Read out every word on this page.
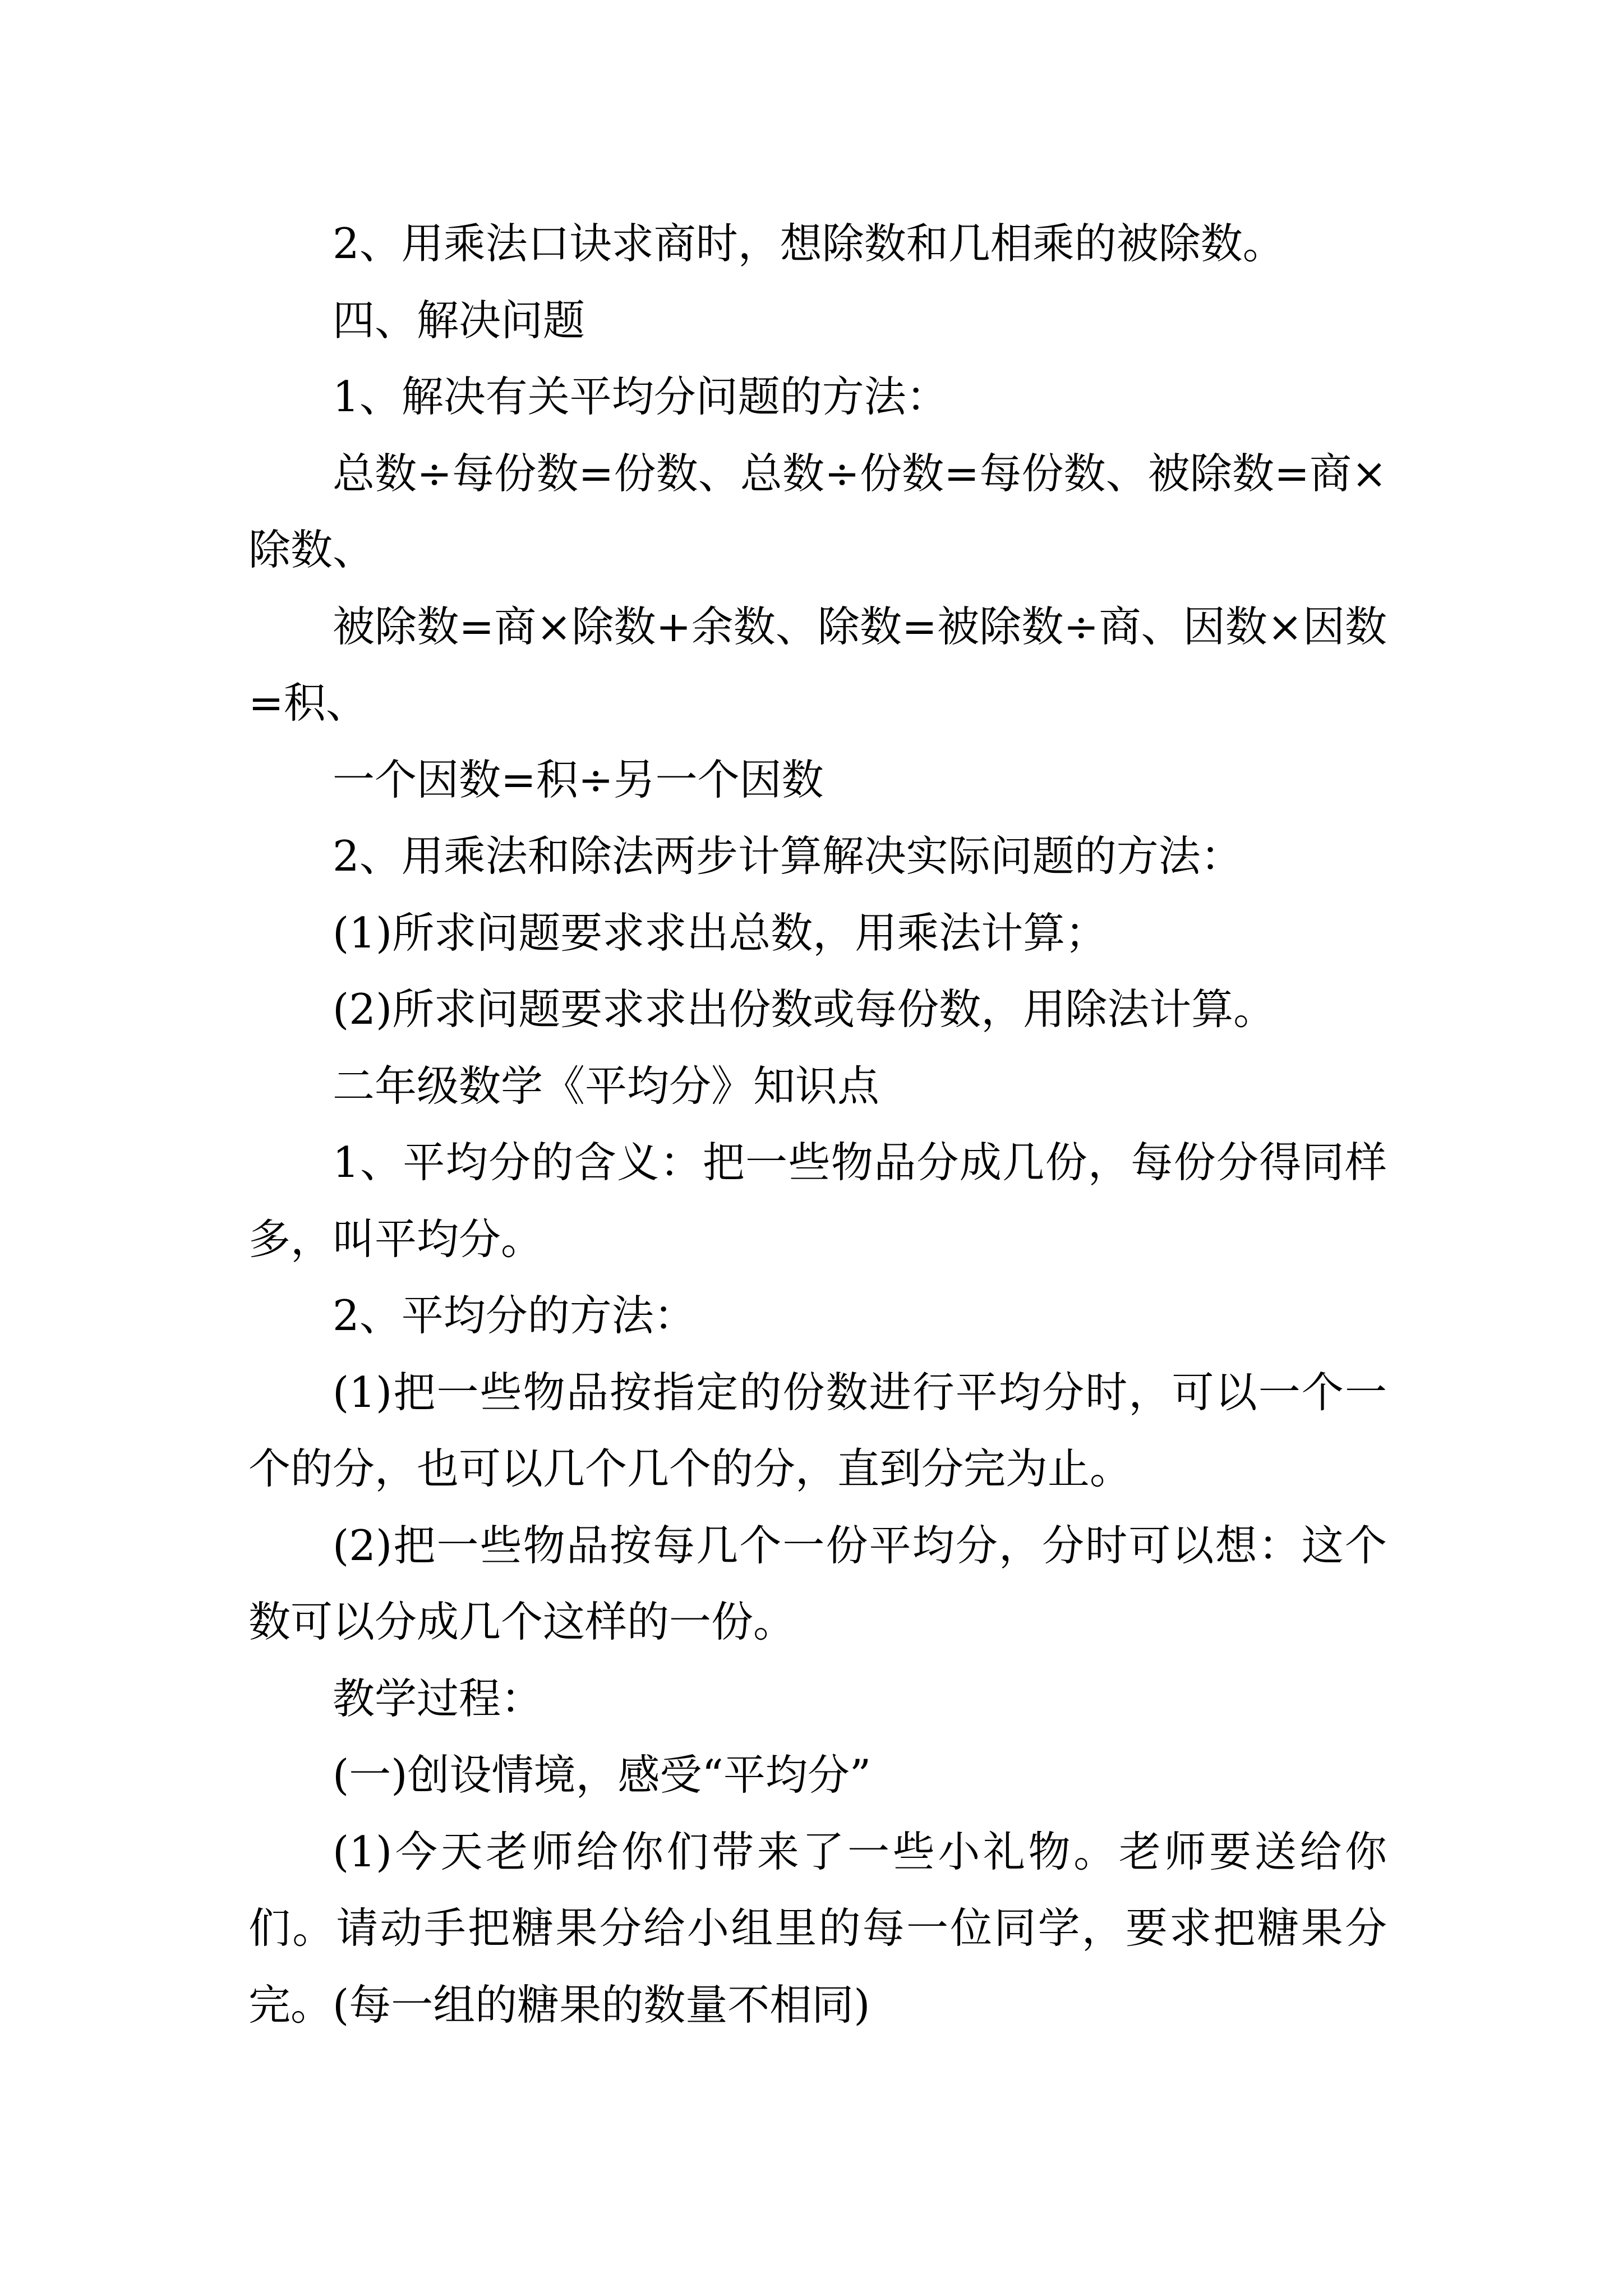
2、用乘法口诀求商时，想除数和几相乘的被除数。

四、解决问题

1、解决有关平均分问题的方法：

总数÷每份数=份数、总数÷份数=每份数、被除数=商×除数、

被除数=商×除数+余数、除数=被除数÷商、因数×因数=积、

一个因数=积÷另一个因数

2、用乘法和除法两步计算解决实际问题的方法：

(1)所求问题要求求出总数，用乘法计算；

(2)所求问题要求求出份数或每份数，用除法计算。

二年级数学《平均分》知识点

1、平均分的含义：把一些物品分成几份，每份分得同样多，叫平均分。

2、平均分的方法：

(1)把一些物品按指定的份数进行平均分时，可以一个一个的分，也可以几个几个的分，直到分完为止。

(2)把一些物品按每几个一份平均分，分时可以想：这个数可以分成几个这样的一份。

教学过程：

(一)创设情境，感受“平均分”

(1)今天老师给你们带来了一些小礼物。老师要送给你们。请动手把糖果分给小组里的每一位同学，要求把糖果分完。(每一组的糖果的数量不相同)
